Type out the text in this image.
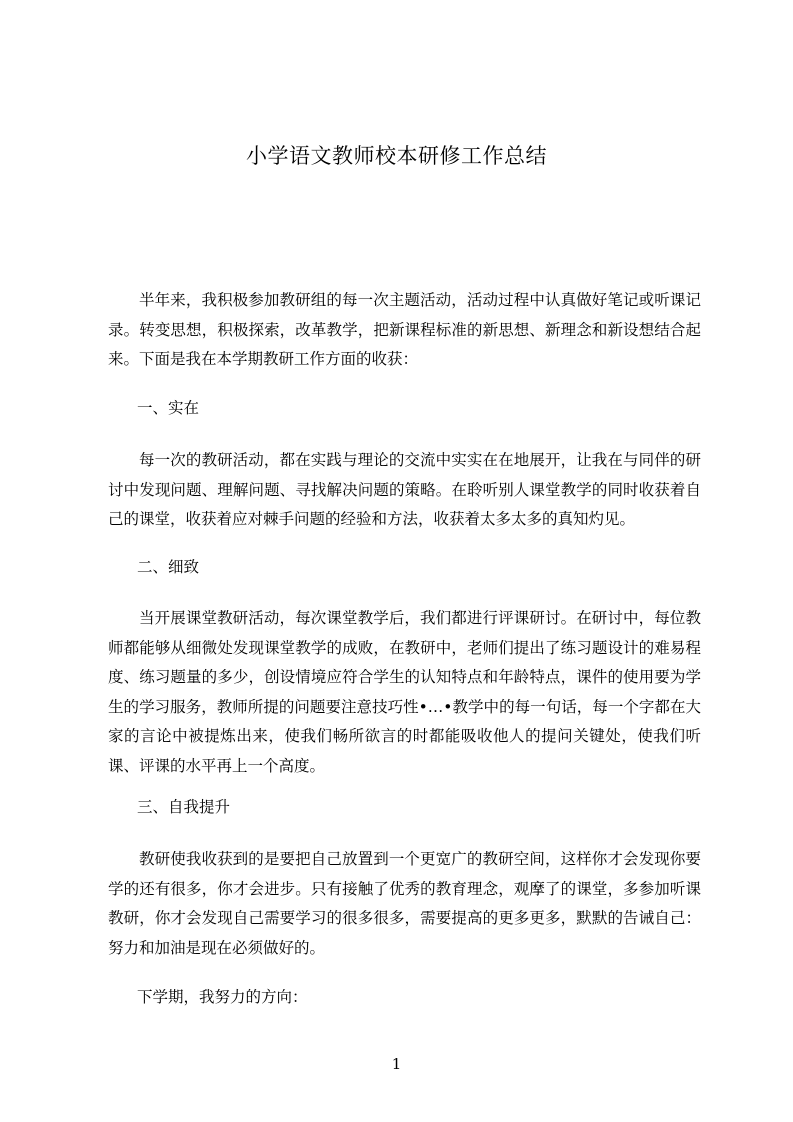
小学语文教师校本研修工作总结
半年来，我积极参加教研组的每一次主题活动，活动过程中认真做好笔记或听课记录。转变思想，积极探索，改革教学，把新课程标准的新思想、新理念和新设想结合起来。下面是我在本学期教研工作方面的收获：
一、实在
每一次的教研活动，都在实践与理论的交流中实实在在地展开，让我在与同伴的研讨中发现问题、理解问题、寻找解决问题的策略。在聆听别人课堂教学的同时收获着自己的课堂，收获着应对棘手问题的经验和方法，收获着太多太多的真知灼见。
二、细致
当开展课堂教研活动，每次课堂教学后，我们都进行评课研讨。在研讨中，每位教师都能够从细微处发现课堂教学的成败，在教研中，老师们提出了练习题设计的难易程度、练习题量的多少，创设情境应符合学生的认知特点和年龄特点，课件的使用要为学生的学习服务，教师所提的问题要注意技巧性•…•教学中的每一句话，每一个字都在大家的言论中被提炼出来，使我们畅所欲言的时都能吸收他人的提问关键处，使我们听课、评课的水平再上一个高度。
三、自我提升
教研使我收获到的是要把自己放置到一个更宽广的教研空间，这样你才会发现你要学的还有很多，你才会进步。只有接触了优秀的教育理念，观摩了的课堂，多参加听课教研，你才会发现自己需要学习的很多很多，需要提高的更多更多，默默的告诫自己：努力和加油是现在必须做好的。
下学期，我努力的方向：
1
